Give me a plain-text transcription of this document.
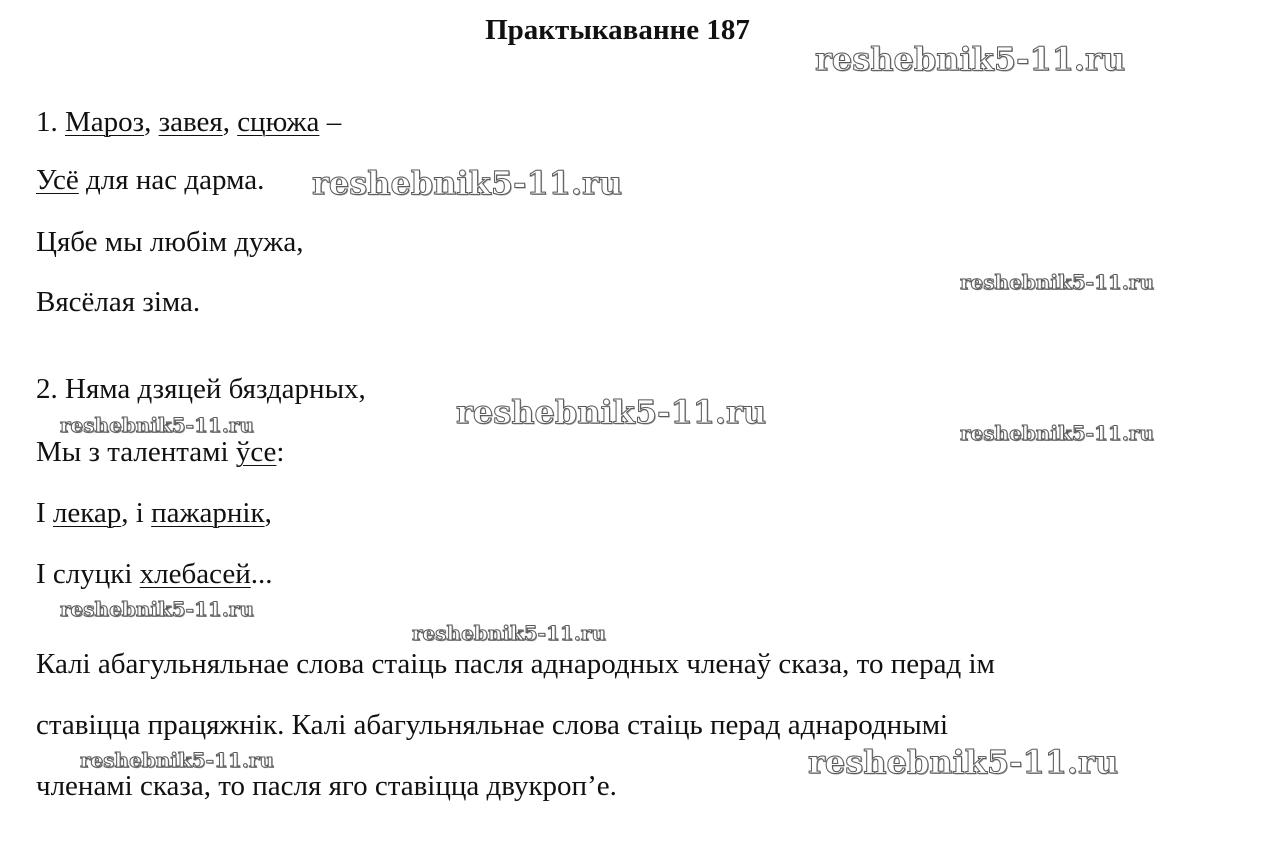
Практыкаванне 187
1. Мароз, завея, сцюжа –
Усё для нас дарма.
Цябе мы любім дужа,
Вясёлая зіма.
2. Няма дзяцей бяздарных,
Мы з талентамі ўсе:
І лекар, і пажарнік,
І слуцкі хлебасей...
Калі абагульняльнае слова стаіць пасля аднародных членаў сказа, то перад ім
ставіцца працяжнік. Калі абагульняльнае слова стаіць перад аднароднымі
членамі сказа, то пасля яго ставіцца двукроп’е.
reshebnik5-11.ru
reshebnik5-11.ru
reshebnik5-11.ru
reshebnik5-11.ru
reshebnik5-11.ru	reshebnik5-11.ru
reshebnik5-11.ru
reshebnik5-11.ru
reshebnik5-11.ru	reshebnik5-11.ru
